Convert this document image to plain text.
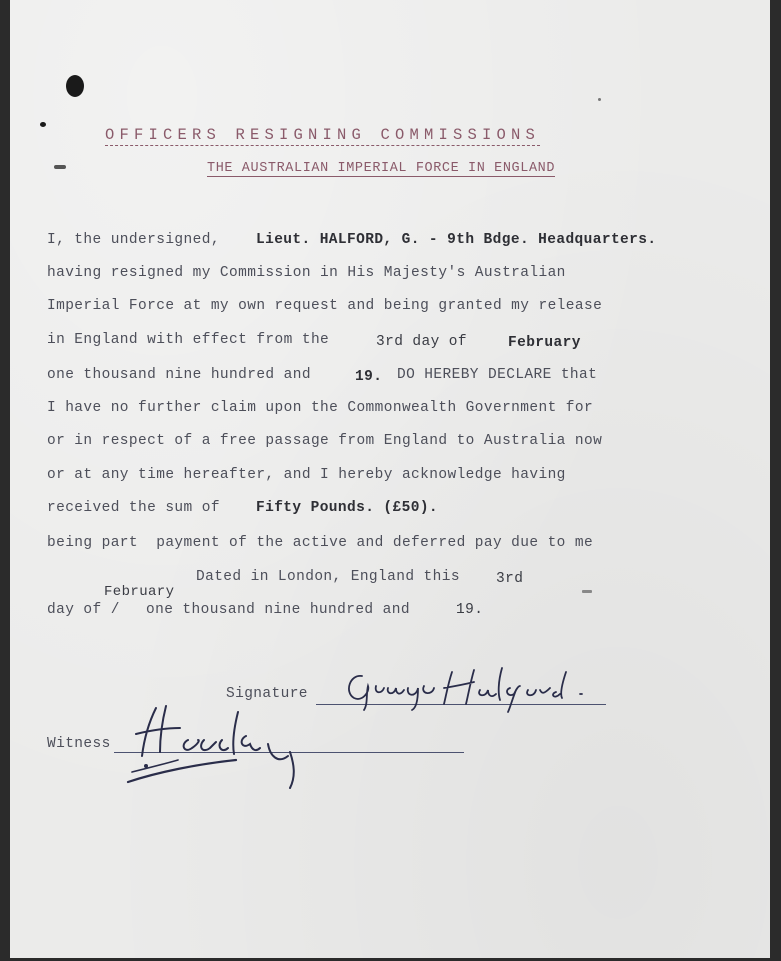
OFFICERS RESIGNING COMMISSIONS
THE AUSTRALIAN IMPERIAL FORCE IN ENGLAND
I, the undersigned, Lieut. HALFORD, G. - 9th Bdge. Headquarters.
having resigned my Commission in His Majesty's Australian
Imperial Force at my own request and being granted my release
in England with effect from the	3rd day of	February
one thousand nine hundred and	19. DO HEREBY DECLARE that
I have no further claim upon the Commonwealth Government for
or in respect of a free passage from England to Australia now
or at any time hereafter, and I hereby acknowledge having
received the sum of Fifty Pounds. (£50).
being part  payment of the active and deferred pay due to me
Dated in London, England this 3rd
February
day of / one thousand nine hundred and	19.
Signature
Witness
